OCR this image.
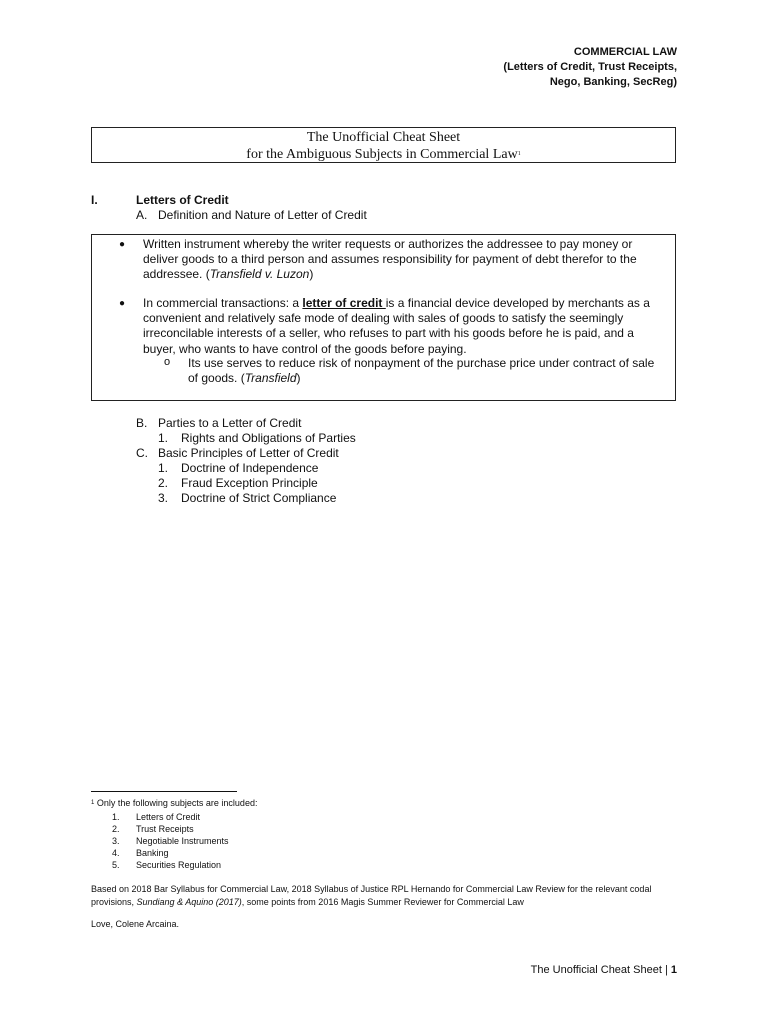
COMMERCIAL LAW
(Letters of Credit, Trust Receipts,
Nego, Banking, SecReg)
The Unofficial Cheat Sheet
for the Ambiguous Subjects in Commercial Law$^1$
I.	Letters of Credit
A. Definition and Nature of Letter of Credit
● Written instrument whereby the writer requests or authorizes the addressee to pay money or deliver goods to a third person and assumes responsibility for payment of debt therefor to the addressee. (Transfield v. Luzon)
● In commercial transactions: a letter of credit is a financial device developed by merchants as a convenient and relatively safe mode of dealing with sales of goods to satisfy the seemingly irreconcilable interests of a seller, who refuses to part with his goods before he is paid, and a buyer, who wants to have control of the goods before paying.
o Its use serves to reduce risk of nonpayment of the purchase price under contract of sale of goods. (Transfield)
B. Parties to a Letter of Credit
1. Rights and Obligations of Parties
C. Basic Principles of Letter of Credit
1. Doctrine of Independence
2. Fraud Exception Principle
3. Doctrine of Strict Compliance
$^1$ Only the following subjects are included:
1. Letters of Credit
2. Trust Receipts
3. Negotiable Instruments
4. Banking
5. Securities Regulation
Based on 2018 Bar Syllabus for Commercial Law, 2018 Syllabus of Justice RPL Hernando for Commercial Law Review for the relevant codal provisions, Sundiang & Aquino (2017), some points from 2016 Magis Summer Reviewer for Commercial Law
Love, Colene Arcaina.
The Unofficial Cheat Sheet | 1
